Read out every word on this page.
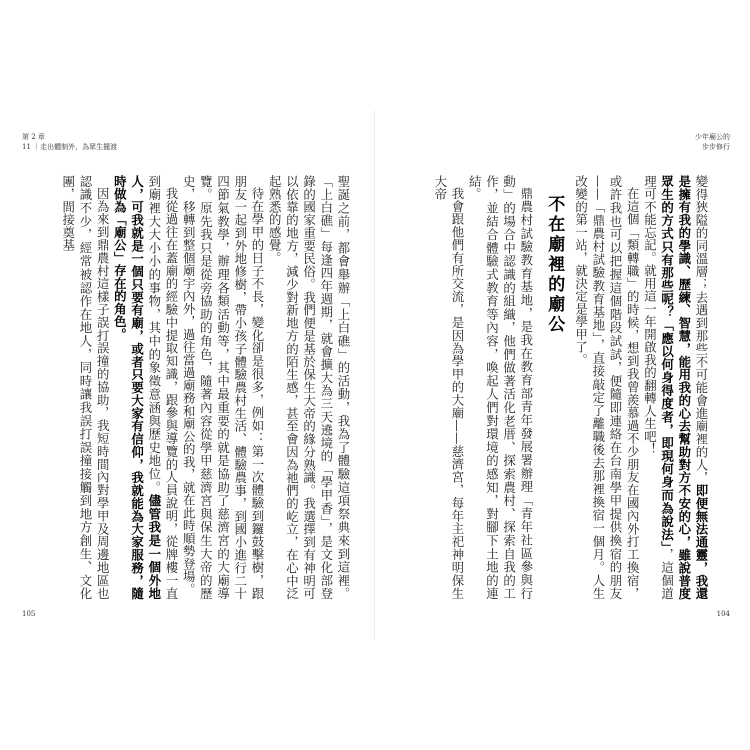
第 2 章
11 ｜走出體制外，為眾生擺渡

聖誕之前，都會舉辦「上白礁」的活動，我為了體驗這項祭典來到這裡。「上白礁」每逢四年週期，就會擴大為三天遶境的「學甲香」，是文化部登錄的國家重要民俗。我們便是基於保生大帝的緣分熟識。我選擇到有神明可以依靠的地方，減少對新地方的陌生感，甚至會因為祂們的屹立，在心中泛起熟悉的感覺。

待在學甲的日子不長，變化卻是很多，例如：第一次體驗到鑼鼓擊樹，跟朋友一起到外地修樹，帶小孩子體驗農村生活、體驗農事，到國小進行二十四節氣教學，辦理各類活動等，其中最重要的就是協助了慈濟宮的大廟導覽。原先我只是從旁協助的角色，隨著內容從學甲慈濟宮與保生大帝的歷史，移轉到整個廟宇內外，過往當過廟務和廟公的我，就在此時順勢登場。

我從過往在蓋廟的經驗中提取知識，跟參與導覽的人員說明，從牌樓一直到廟裡大大小小的事物，其中的象徵意涵與歷史地位。儘管我是一個外地人，可我就是一個只要有廟，或者只要大家有信仰，我就能為大家服務，隨時做為「廟公」存在的角色。

因為來到鼎農村這樣子誤打誤撞的協助，我短時間內對學甲及周邊地區也認識不少，經常被認作在地人，同時讓我誤打誤撞接觸到地方創生、文化團，間接奠基

105
少年廟公的
步步修行

變得狹隘的同溫層；去遇到那些不可能會進廟裡的人，即便無法通靈，我還是擁有我的學識、歷練、智慧，能用我的心去幫助對方不安的心，雖說普度眾生的方式只有那些呢？「應以何身得度者，即現何身而為說法」，這個道理可不能忘記。就用這一年開啟我的翻轉人生吧！

在這個「類轉職」的時候，想到我曾羨慕過不少朋友在國內外打工換宿，或許我也可以把握這個階段試試，便隨即連絡在台南學甲提供換宿的朋友——「鼎農村試驗教育基地」，直接敲定了離職後去那裡換宿一個月。人生改變的第一站，就決定是學甲了。

不在廟裡的廟公

鼎農村試驗教育基地，是我在教育部青年發展署辦理「青年社區參與行動」的場合中認識的組織，他們做著活化老厝、探索農村、探索自我的工作，並結合體驗式教育等內容，喚起人們對環境的感知，對腳下土地的連結。

我會跟他們有所交流，是因為學甲的大廟——慈濟宮，每年主祀神明保生大帝

104
